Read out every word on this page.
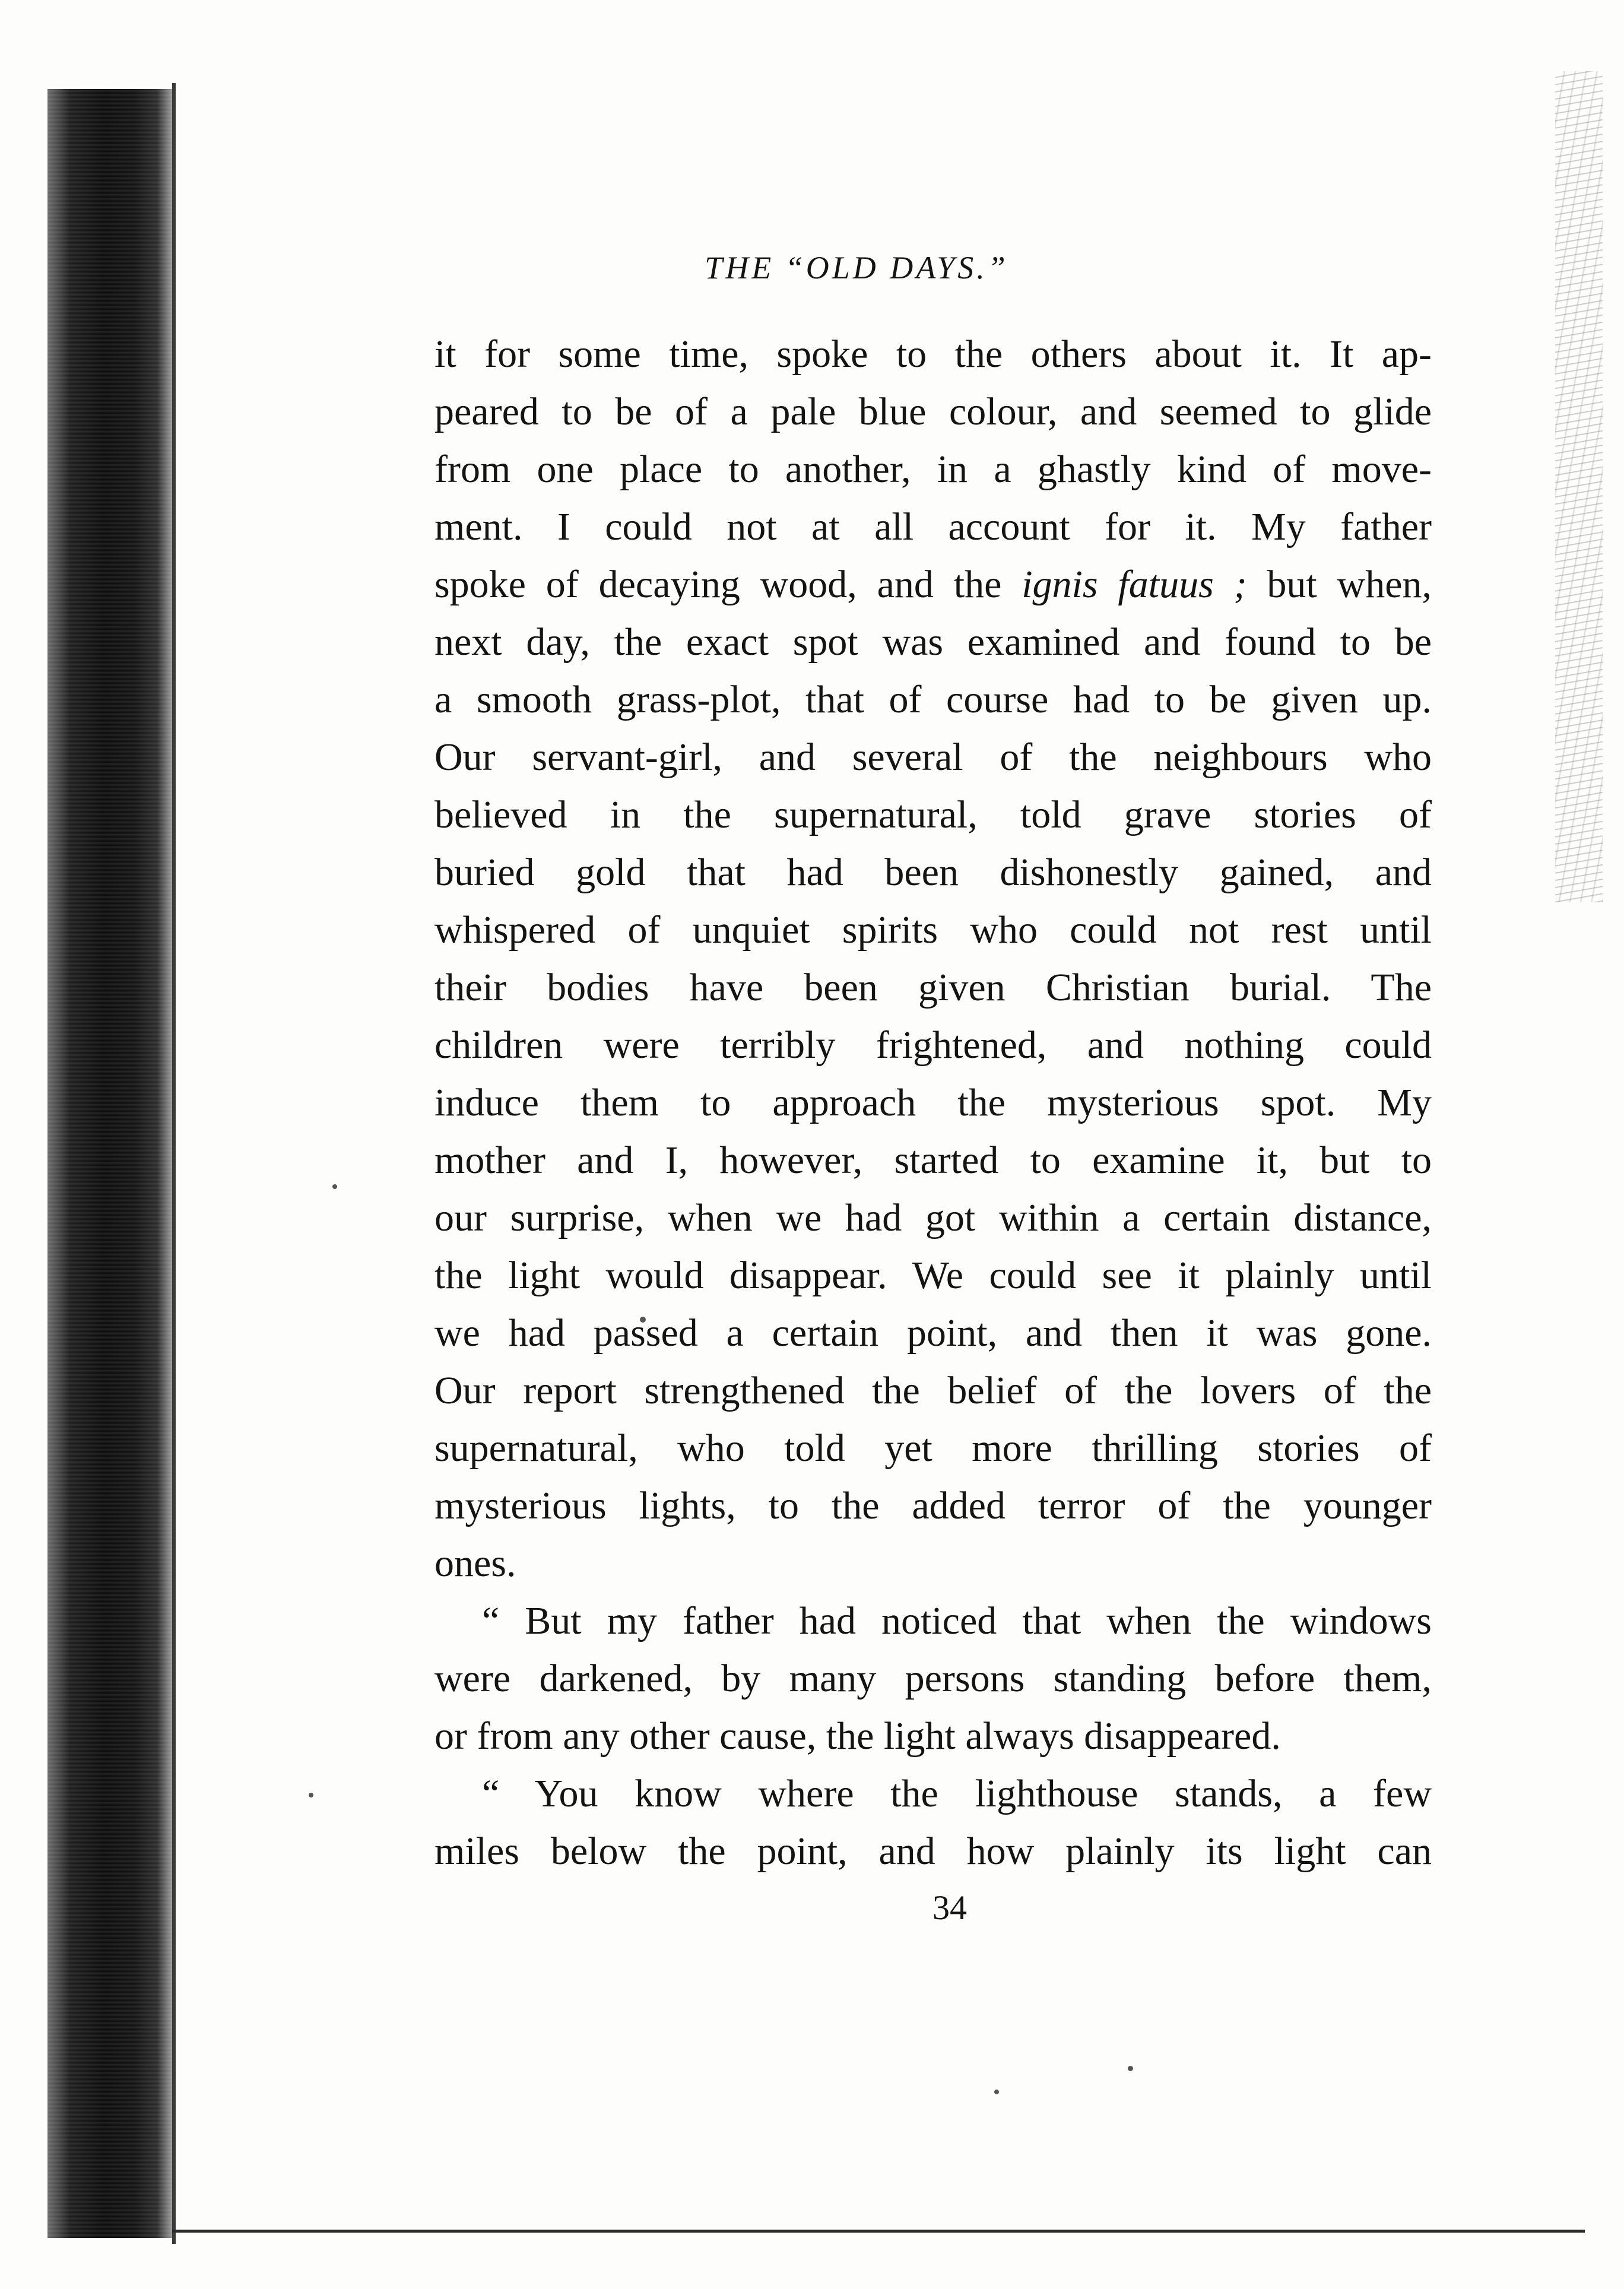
THE “OLD DAYS.”
it for some time, spoke to the others about it. It ap-
peared to be of a pale blue colour, and seemed to glide
from one place to another, in a ghastly kind of move-
ment. I could not at all account for it. My father
spoke of decaying wood, and the ignis fatuus ; but when,
next day, the exact spot was examined and found to be
a smooth grass-plot, that of course had to be given up.
Our servant-girl, and several of the neighbours who
believed in the supernatural, told grave stories of
buried gold that had been dishonestly gained, and
whispered of unquiet spirits who could not rest until
their bodies have been given Christian burial. The
children were terribly frightened, and nothing could
induce them to approach the mysterious spot. My
mother and I, however, started to examine it, but to
our surprise, when we had got within a certain distance,
the light would disappear. We could see it plainly until
we had passed a certain point, and then it was gone.
Our report strengthened the belief of the lovers of the
supernatural, who told yet more thrilling stories of
mysterious lights, to the added terror of the younger
ones.
“ But my father had noticed that when the windows
were darkened, by many persons standing before them,
or from any other cause, the light always disappeared.
“ You know where the lighthouse stands, a few
miles below the point, and how plainly its light can
34
